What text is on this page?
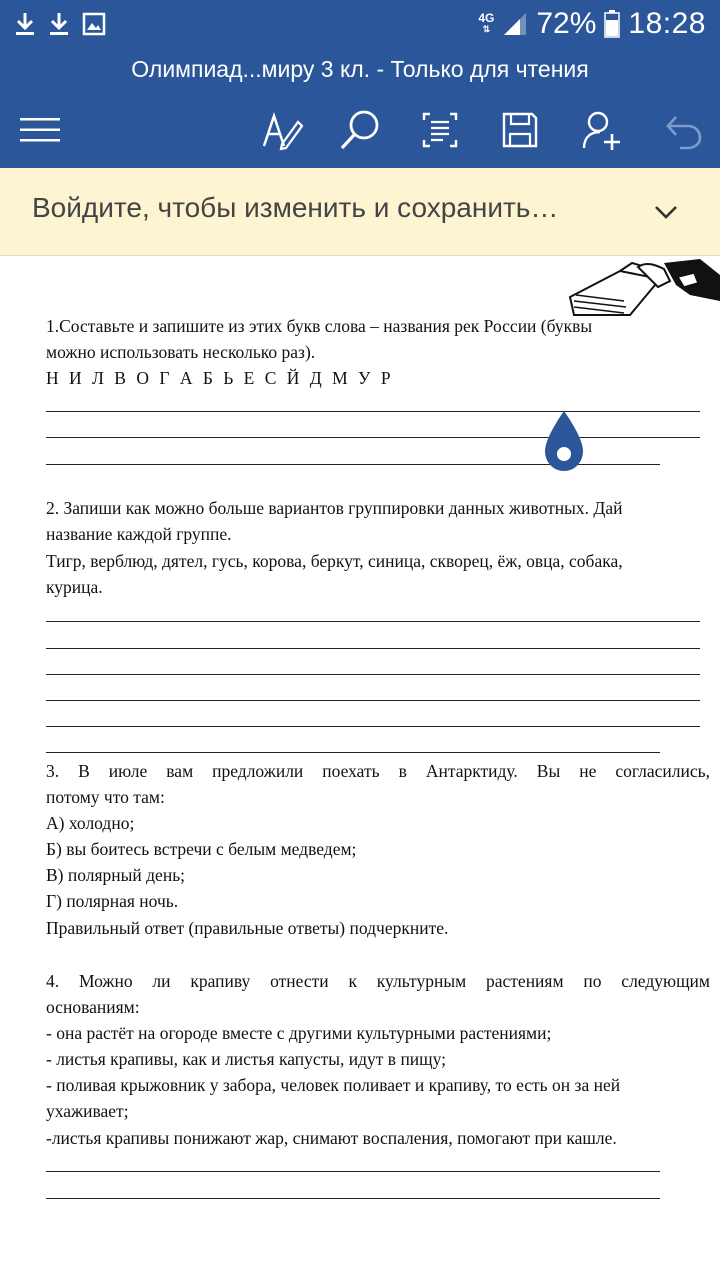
4G
⇅ 72% 18:28
Олимпиад...миру 3 кл. - Только для чтения
Войдите, чтобы изменить и сохранить…
1.Составьте и запишите из этих букв слова – названия рек России (буквы
можно использовать несколько раз).
Н И Л В О Г А Б Ь Е С Й Д М У Р
2. Запиши как можно больше вариантов группировки данных животных. Дай
название каждой группе.
Тигр, верблюд, дятел, гусь, корова, беркут, синица, скворец, ёж, овца, собака,
курица.
3. В июле вам предложили поехать в Антарктиду. Вы не согласились,
потому что там:
А) холодно;
Б) вы боитесь встречи с белым медведем;
В) полярный день;
Г) полярная ночь.
Правильный ответ (правильные ответы) подчеркните.
4. Можно ли крапиву отнести к культурным растениям по следующим
основаниям:
- она растёт на огороде вместе с другими культурными растениями;
- листья крапивы, как и листья капусты, идут в пищу;
- поливая крыжовник у забора, человек поливает и крапиву, то есть он за ней
ухаживает;
-листья крапивы понижают жар, снимают воспаления, помогают при кашле.
